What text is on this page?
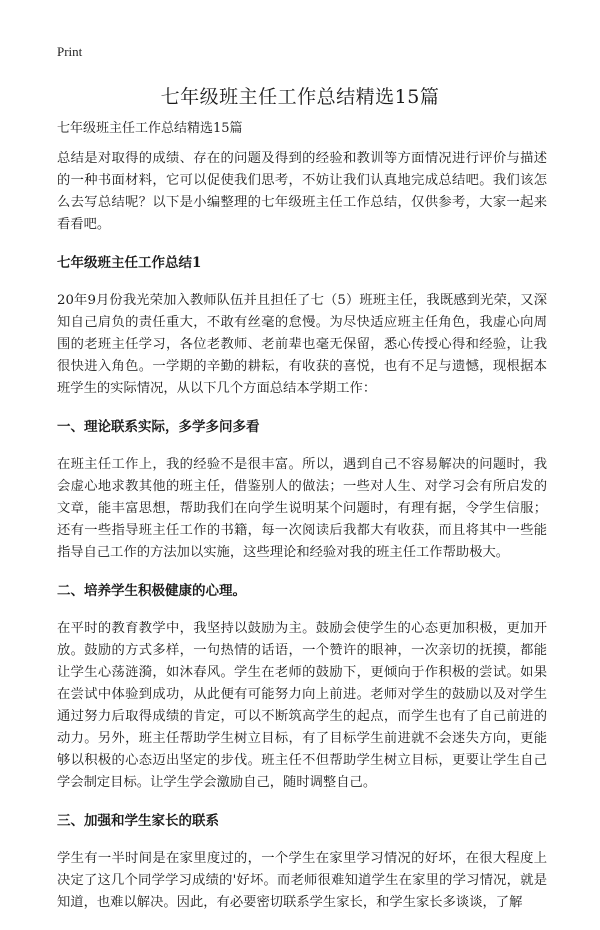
Print
七年级班主任工作总结精选15篇
七年级班主任工作总结精选15篇

总结是对取得的成绩、存在的问题及得到的经验和教训等方面情况进行评价与描述的一种书面材料，它可以促使我们思考，不妨让我们认真地完成总结吧。我们该怎么去写总结呢？以下是小编整理的七年级班主任工作总结，仅供参考，大家一起来看看吧。

七年级班主任工作总结1

20年9月份我光荣加入教师队伍并且担任了七（5）班班主任，我既感到光荣，又深知自己肩负的责任重大，不敢有丝毫的怠慢。为尽快适应班主任角色，我虚心向周围的老班主任学习，各位老教师、老前辈也毫无保留，悉心传授心得和经验，让我很快进入角色。一学期的辛勤的耕耘，有收获的喜悦，也有不足与遗憾，现根据本班学生的实际情况，从以下几个方面总结本学期工作：

一、理论联系实际，多学多问多看

在班主任工作上，我的经验不是很丰富。所以，遇到自己不容易解决的问题时，我会虚心地求教其他的班主任，借鉴别人的做法；一些对人生、对学习会有所启发的文章，能丰富思想，帮助我们在向学生说明某个问题时，有理有据，令学生信服；还有一些指导班主任工作的书籍，每一次阅读后我都大有收获，而且将其中一些能指导自己工作的方法加以实施，这些理论和经验对我的班主任工作帮助极大。

二、培养学生积极健康的心理。

在平时的教育教学中，我坚持以鼓励为主。鼓励会使学生的心态更加积极，更加开放。鼓励的方式多样，一句热情的话语，一个赞许的眼神，一次亲切的抚摸，都能让学生心荡涟漪，如沐春风。学生在老师的鼓励下，更倾向于作积极的尝试。如果在尝试中体验到成功，从此便有可能努力向上前进。老师对学生的鼓励以及对学生通过努力后取得成绩的肯定，可以不断筑高学生的起点，而学生也有了自己前进的动力。另外，班主任帮助学生树立目标，有了目标学生前进就不会迷失方向，更能够以积极的心态迈出坚定的步伐。班主任不但帮助学生树立目标，更要让学生自己学会制定目标。让学生学会激励自己，随时调整自己。

三、加强和学生家长的联系

学生有一半时间是在家里度过的，一个学生在家里学习情况的好坏，在很大程度上决定了这几个同学学习成绩的'好坏。而老师很难知道学生在家里的学习情况，就是知道，也难以解决。因此，有必要密切联系学生家长，和学生家长多谈谈，了解
